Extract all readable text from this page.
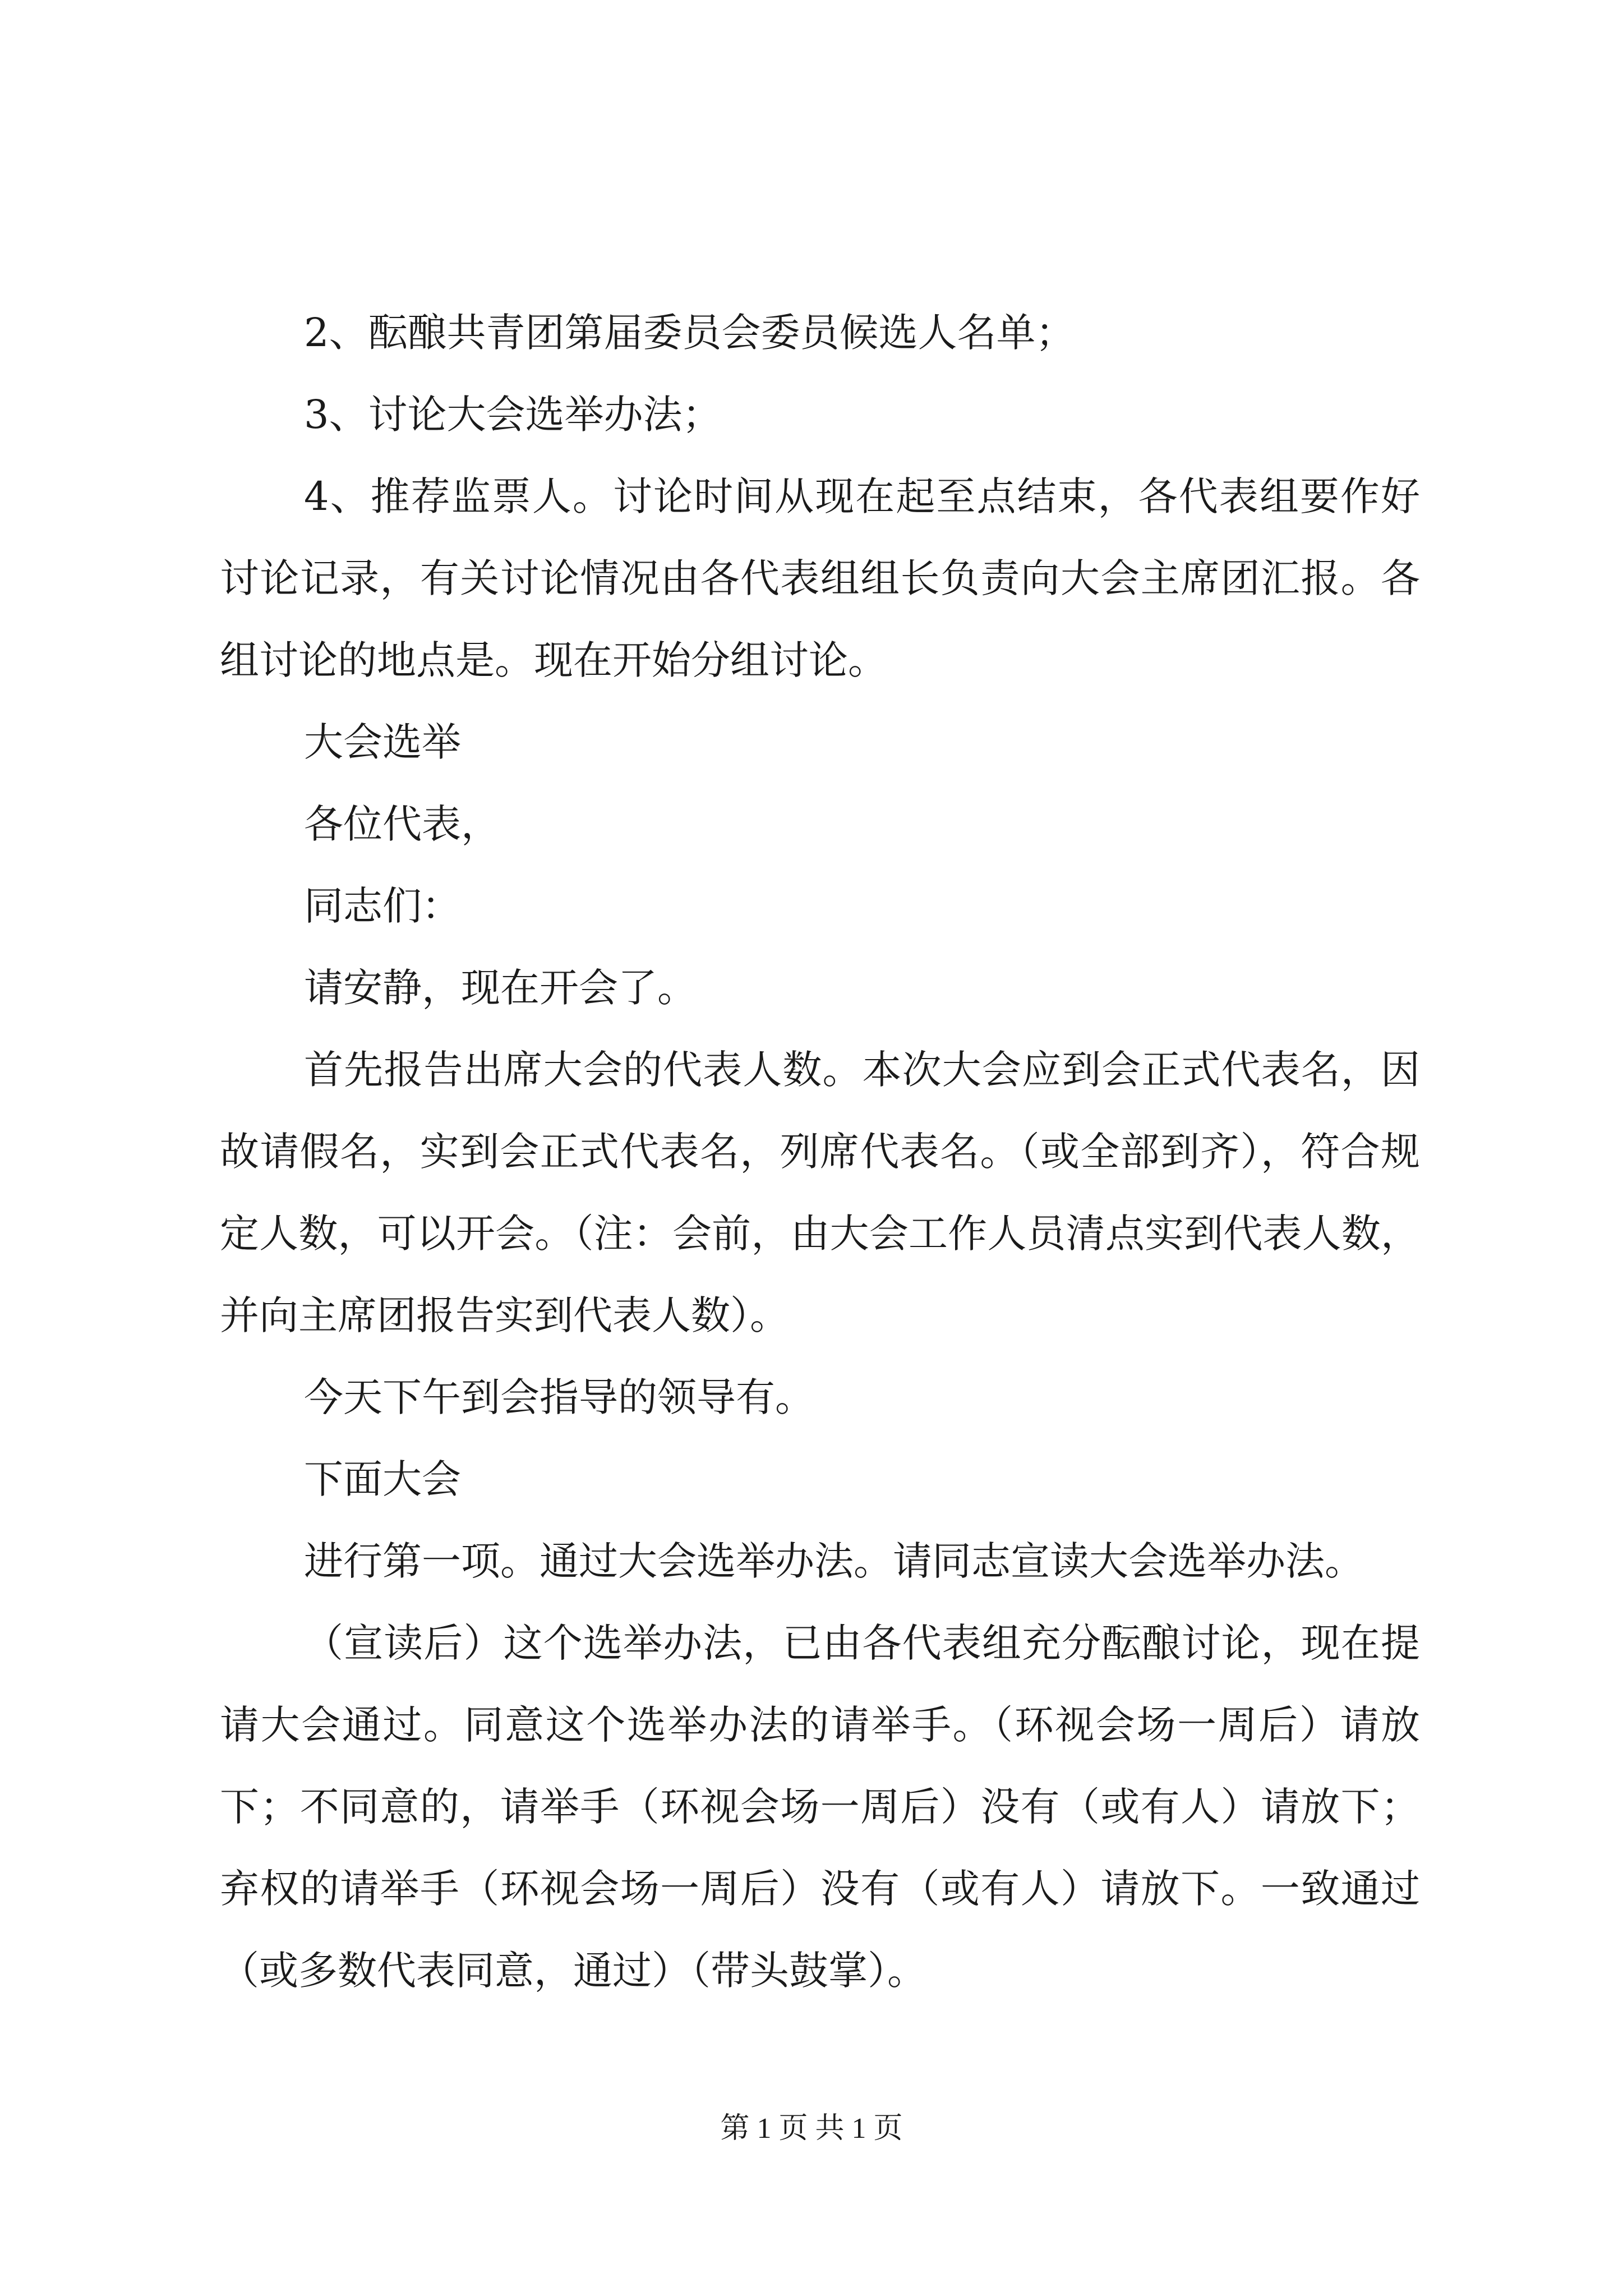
2、酝酿共青团第届委员会委员候选人名单；

3、讨论大会选举办法；

4、推荐监票人。讨论时间从现在起至点结束，各代表组要作好讨论记录，有关讨论情况由各代表组组长负责向大会主席团汇报。各组讨论的地点是。现在开始分组讨论。

大会选举

各位代表，

同志们：

请安静，现在开会了。

首先报告出席大会的代表人数。本次大会应到会正式代表名，因故请假名，实到会正式代表名，列席代表名。（或全部到齐），符合规定人数，可以开会。（注：会前，由大会工作人员清点实到代表人数，并向主席团报告实到代表人数）。

今天下午到会指导的领导有。

下面大会

进行第一项。通过大会选举办法。请同志宣读大会选举办法。

（宣读后）这个选举办法，已由各代表组充分酝酿讨论，现在提请大会通过。同意这个选举办法的请举手。（环视会场一周后）请放下；不同意的，请举手（环视会场一周后）没有（或有人）请放下；弃权的请举手（环视会场一周后）没有（或有人）请放下。一致通过（或多数代表同意，通过）（带头鼓掌）。

第 1 页 共 1 页
